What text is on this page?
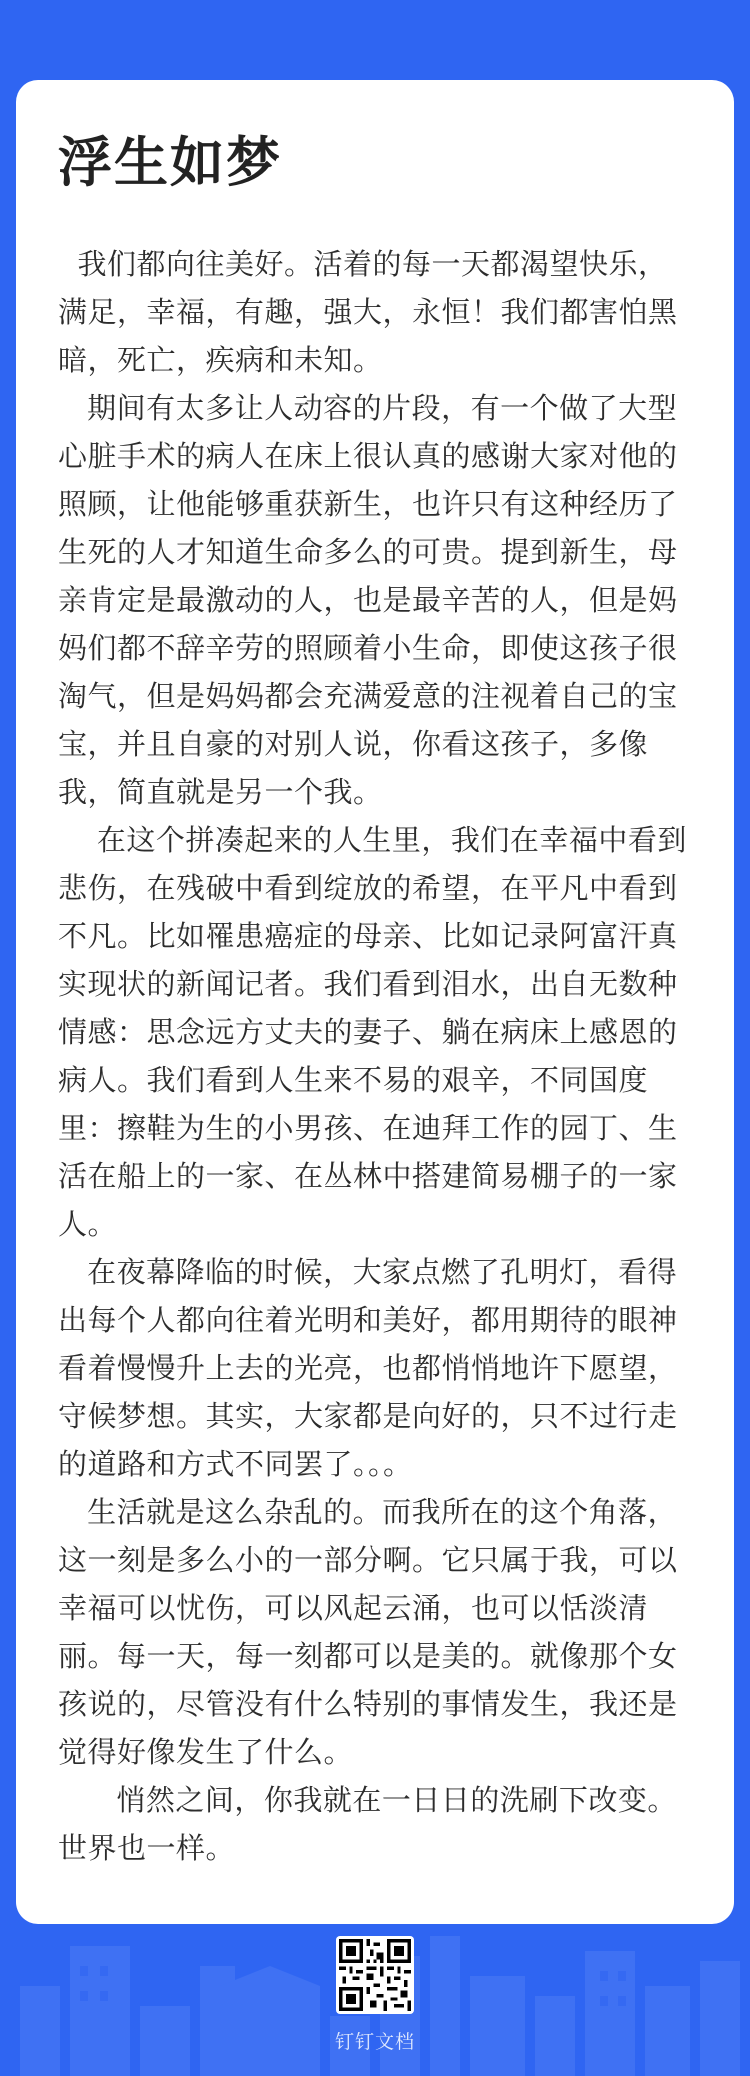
浮生如梦

我们都向往美好。活着的每一天都渴望快乐，满足，幸福，有趣，强大，永恒！我们都害怕黑暗，死亡，疾病和未知。

期间有太多让人动容的片段，有一个做了大型心脏手术的病人在床上很认真的感谢大家对他的照顾，让他能够重获新生，也许只有这种经历了生死的人才知道生命多么的可贵。提到新生，母亲肯定是最激动的人，也是最辛苦的人，但是妈妈们都不辞辛劳的照顾着小生命，即使这孩子很淘气，但是妈妈都会充满爱意的注视着自己的宝宝，并且自豪的对别人说，你看这孩子，多像我，简直就是另一个我。

在这个拼凑起来的人生里，我们在幸福中看到悲伤，在残破中看到绽放的希望，在平凡中看到不凡。比如罹患癌症的母亲、比如记录阿富汗真实现状的新闻记者。我们看到泪水，出自无数种情感：思念远方丈夫的妻子、躺在病床上感恩的病人。我们看到人生来不易的艰辛，不同国度里：擦鞋为生的小男孩、在迪拜工作的园丁、生活在船上的一家、在丛林中搭建简易棚子的一家人。

在夜幕降临的时候，大家点燃了孔明灯，看得出每个人都向往着光明和美好，都用期待的眼神看着慢慢升上去的光亮，也都悄悄地许下愿望，守候梦想。其实，大家都是向好的，只不过行走的道路和方式不同罢了。。。

生活就是这么杂乱的。而我所在的这个角落，这一刻是多么小的一部分啊。它只属于我，可以幸福可以忧伤，可以风起云涌，也可以恬淡清丽。每一天，每一刻都可以是美的。就像那个女孩说的，尽管没有什么特别的事情发生，我还是觉得好像发生了什么。

悄然之间，你我就在一日日的洗刷下改变。世界也一样。

钉钉文档
